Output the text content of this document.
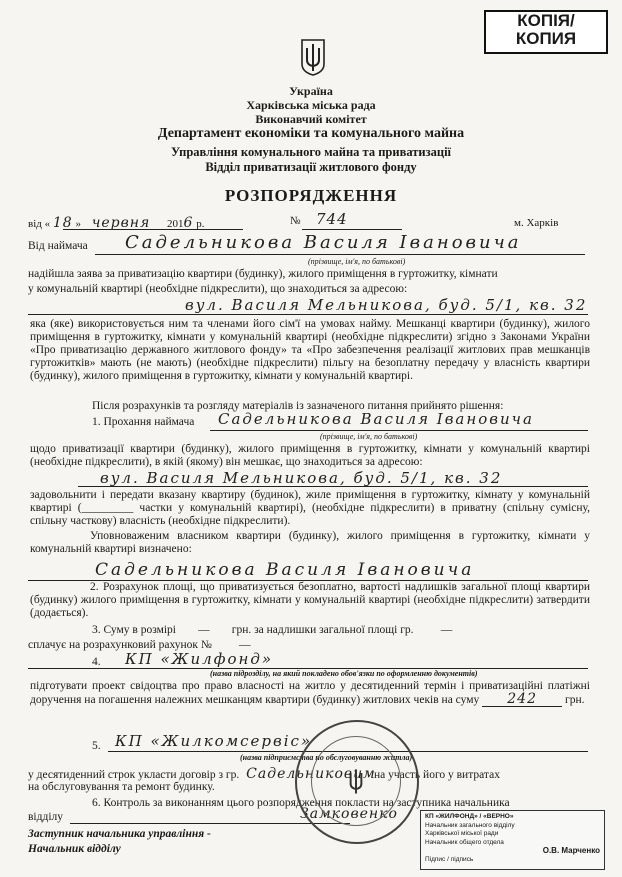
КОПІЯ/
КОПИЯ
Україна
Харківська міська рада
Виконавчий комітет
Департамент економіки та комунального майна
Управління комунального майна та приватизації
Відділ приватизації житлового фонду
РОЗПОРЯДЖЕННЯ
від « 18 » червня 2016 р.	№ 744	м. Харків
Від наймача Садельникова Василя Івановича
(прізвище, ім'я, по батькові)
надійшла заява за приватизацію квартири (будинку), жилого приміщення в гуртожитку, кімнати
у комунальній квартирі (необхідне підкреслити), що знаходиться за адресою:
вул. Василя Мельникова, буд. 5/1, кв. 32
яка (яке) використовується ним та членами його сім'ї на умовах найму. Мешканці квартири (будинку), жилого приміщення в гуртожитку, кімнати у комунальній квартирі (необхідне підкреслити) згідно з Законами України «Про приватизацію державного житлового фонду» та «Про забезпечення реалізації житлових прав мешканців гуртожитків» мають (не мають) (необхідне підкреслити) пільгу на безоплатну передачу у власність квартири (будинку), жилого приміщення в гуртожитку, кімнати у комунальній квартирі.
Після розрахунків та розгляду матеріалів із зазначеного питання прийнято рішення:
1. Прохання наймача Садельникова Василя Івановича
(прізвище, ім'я, по батькові)
щодо приватизації квартири (будинку), жилого приміщення в гуртожитку, кімнати у комунальній квартирі (необхідне підкреслити), в якій (якому) він мешкає, що знаходиться за адресою:
вул. Василя Мельникова, буд. 5/1, кв. 32
задовольнити і передати вказану квартиру (будинок), жиле приміщення в гуртожитку, кімнату у комунальній квартирі (_________ частки у комунальній квартирі), (необхідне підкреслити) в приватну (спільну сумісну, спільну часткову) власність (необхідне підкреслити).
Уповноваженим власником квартири (будинку), жилого приміщення в гуртожитку, кімнати у комунальній квартирі визначено:
Садельникова Василя Івановича
2. Розрахунок площі, що приватизується безоплатно, вартості надлишків загальної площі квартири (будинку) жилого приміщення в гуртожитку, кімнати у комунальній квартирі (необхідне підкреслити) затвердити (додається).
3. Суму в розмірі — грн. за надлишки загальної площі гр. —
сплачує на розрахунковий рахунок № —
4. КП «Жилфонд»
(назва підрозділу, на який покладено обов'язки по оформленню документів)
підготувати проект свідоцтва про право власності на житло у десятиденний термін і приватизаційні платіжні доручення на погашення належних мешканцям квартири (будинку) житлових чеків на суму 242 грн.
5. КП «Жилкомсервіс»
(назва підприємства по обслуговуванню житла)
у десятиденний строк укласти договір з гр. Садельниковим на участь його у витратах
на обслуговування та ремонт будинку.
6. Контроль за виконанням цього розпорядження покласти на заступника начальника
відділу	Замковенко
Заступник начальника управління -
Начальник відділу
КП «ЖИЛФОНД» / «ВЕРНО»
Начальник загального відділу
Харківської міської ради
Начальник общего отдела
О.В. Марченко
Підпис / підпись
